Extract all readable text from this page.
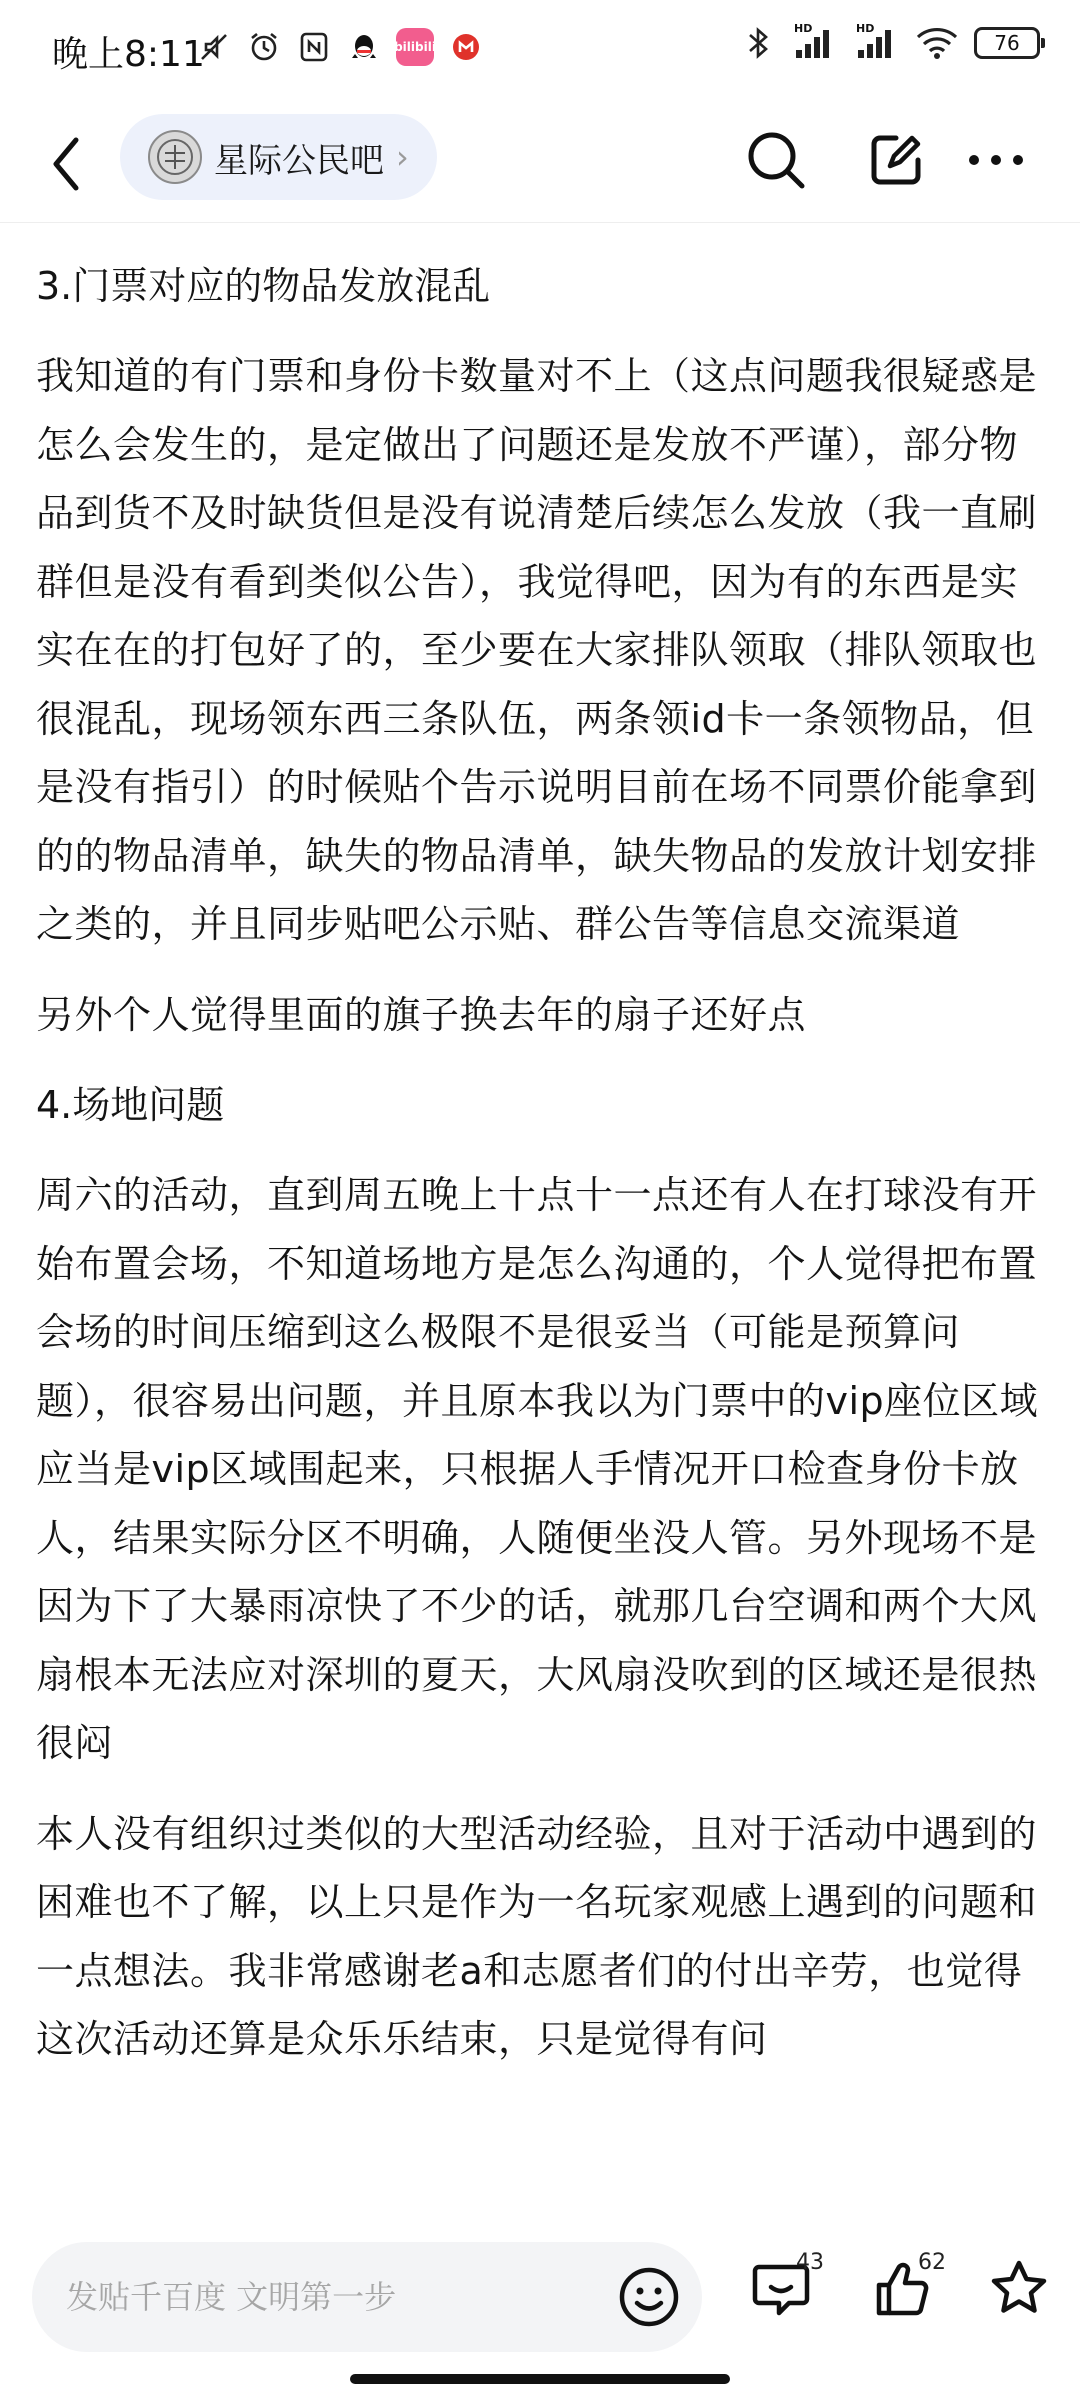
晚上8:11	bilibili
HD	HD
76
星际公民吧 ›
3.门票对应的物品发放混乱
我知道的有门票和身份卡数量对不上（这点问题我很疑惑是怎么会发生的，是定做出了问题还是发放不严谨），部分物品到货不及时缺货但是没有说清楚后续怎么发放（我一直刷群但是没有看到类似公告），我觉得吧，因为有的东西是实实在在的打包好了的，至少要在大家排队领取（排队领取也很混乱，现场领东西三条队伍，两条领id卡一条领物品，但是没有指引）的时候贴个告示说明目前在场不同票价能拿到的的物品清单，缺失的物品清单，缺失物品的发放计划安排之类的，并且同步贴吧公示贴、群公告等信息交流渠道
另外个人觉得里面的旗子换去年的扇子还好点
4.场地问题
周六的活动，直到周五晚上十点十一点还有人在打球没有开始布置会场，不知道场地方是怎么沟通的，个人觉得把布置会场的时间压缩到这么极限不是很妥当（可能是预算问题），很容易出问题，并且原本我以为门票中的vip座位区域应当是vip区域围起来，只根据人手情况开口检查身份卡放人，结果实际分区不明确，人随便坐没人管。另外现场不是因为下了大暴雨凉快了不少的话，就那几台空调和两个大风扇根本无法应对深圳的夏天，大风扇没吹到的区域还是很热很闷
本人没有组织过类似的大型活动经验，且对于活动中遇到的困难也不了解，以上只是作为一名玩家观感上遇到的问题和一点想法。我非常感谢老a和志愿者们的付出辛劳，也觉得这次活动还算是众乐乐结束，只是觉得有问
发贴千百度 文明第一步
43	62
